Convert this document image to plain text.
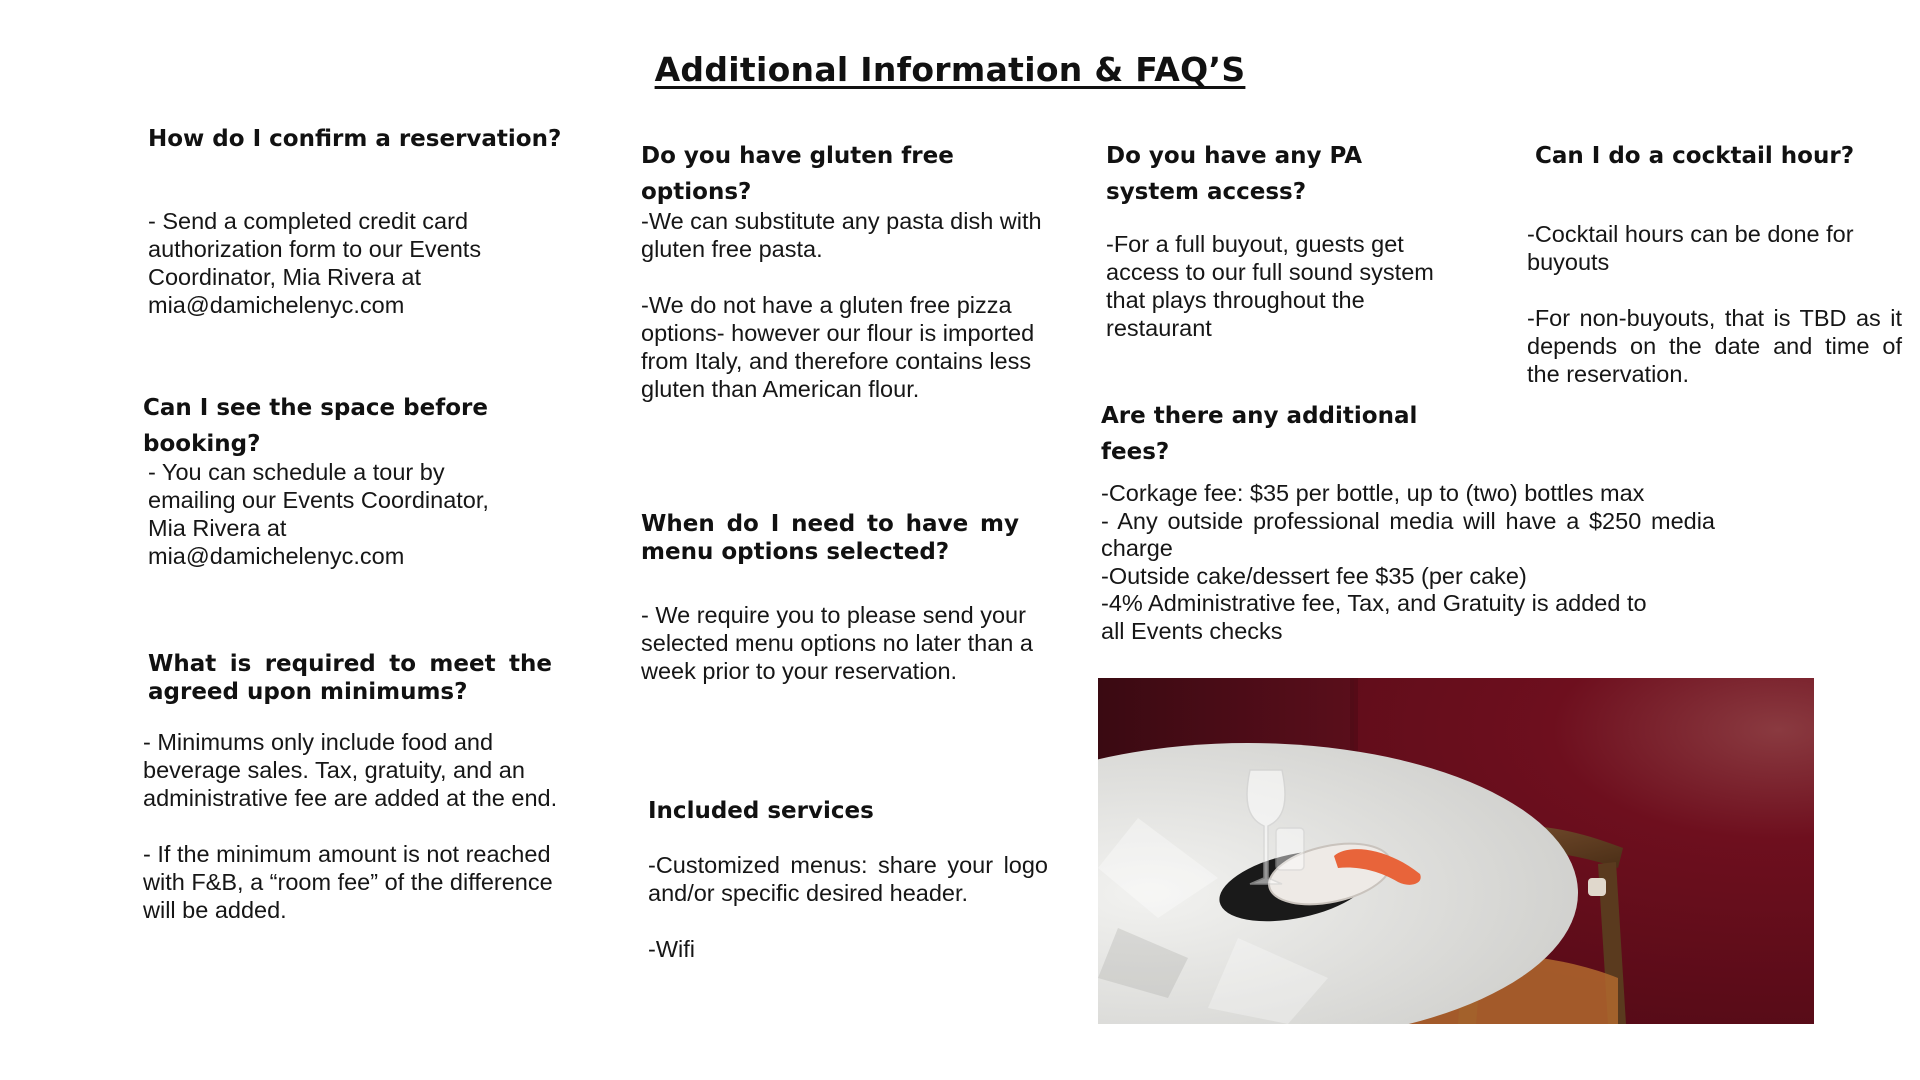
Additional Information & FAQ’S
How do I confirm a reservation?
- Send a completed credit card authorization form to our Events Coordinator, Mia Rivera at mia@damichelenyc.com
Can I see the space before booking?
- You can schedule a tour by emailing our Events Coordinator, Mia Rivera at mia@damichelenyc.com
What is required to meet the agreed upon minimums?

- Minimums only include food and beverage sales. Tax, gratuity, and an administrative fee are added at the end.

- If the minimum amount is not reached with F&B, a “room fee” of the difference will be added.

Do you have gluten free options?

-We can substitute any pasta dish with gluten free pasta.

-We do not have a gluten free pizza options- however our flour is imported from Italy, and therefore contains less gluten than American flour.

When do I need to have my menu options selected?
- We require you to please send your selected menu options no later than a week prior to your reservation.
Included services

-Customized menus: share your logo and/or specific desired header.

-Wifi

Do you have any PA system access?
-For a full buyout, guests get access to our full sound system that plays throughout the restaurant
Are there any additional fees?
-Corkage fee: $35 per bottle, up to (two) bottles max
- Any outside professional media will have a $250 media charge
-Outside cake/dessert fee $35 (per cake)
-4% Administrative fee, Tax, and Gratuity is added to all Events checks
Can I do a cocktail hour?

-Cocktail hours can be done for buyouts

-For non-buyouts, that is TBD as it depends on the date and time of the reservation.
